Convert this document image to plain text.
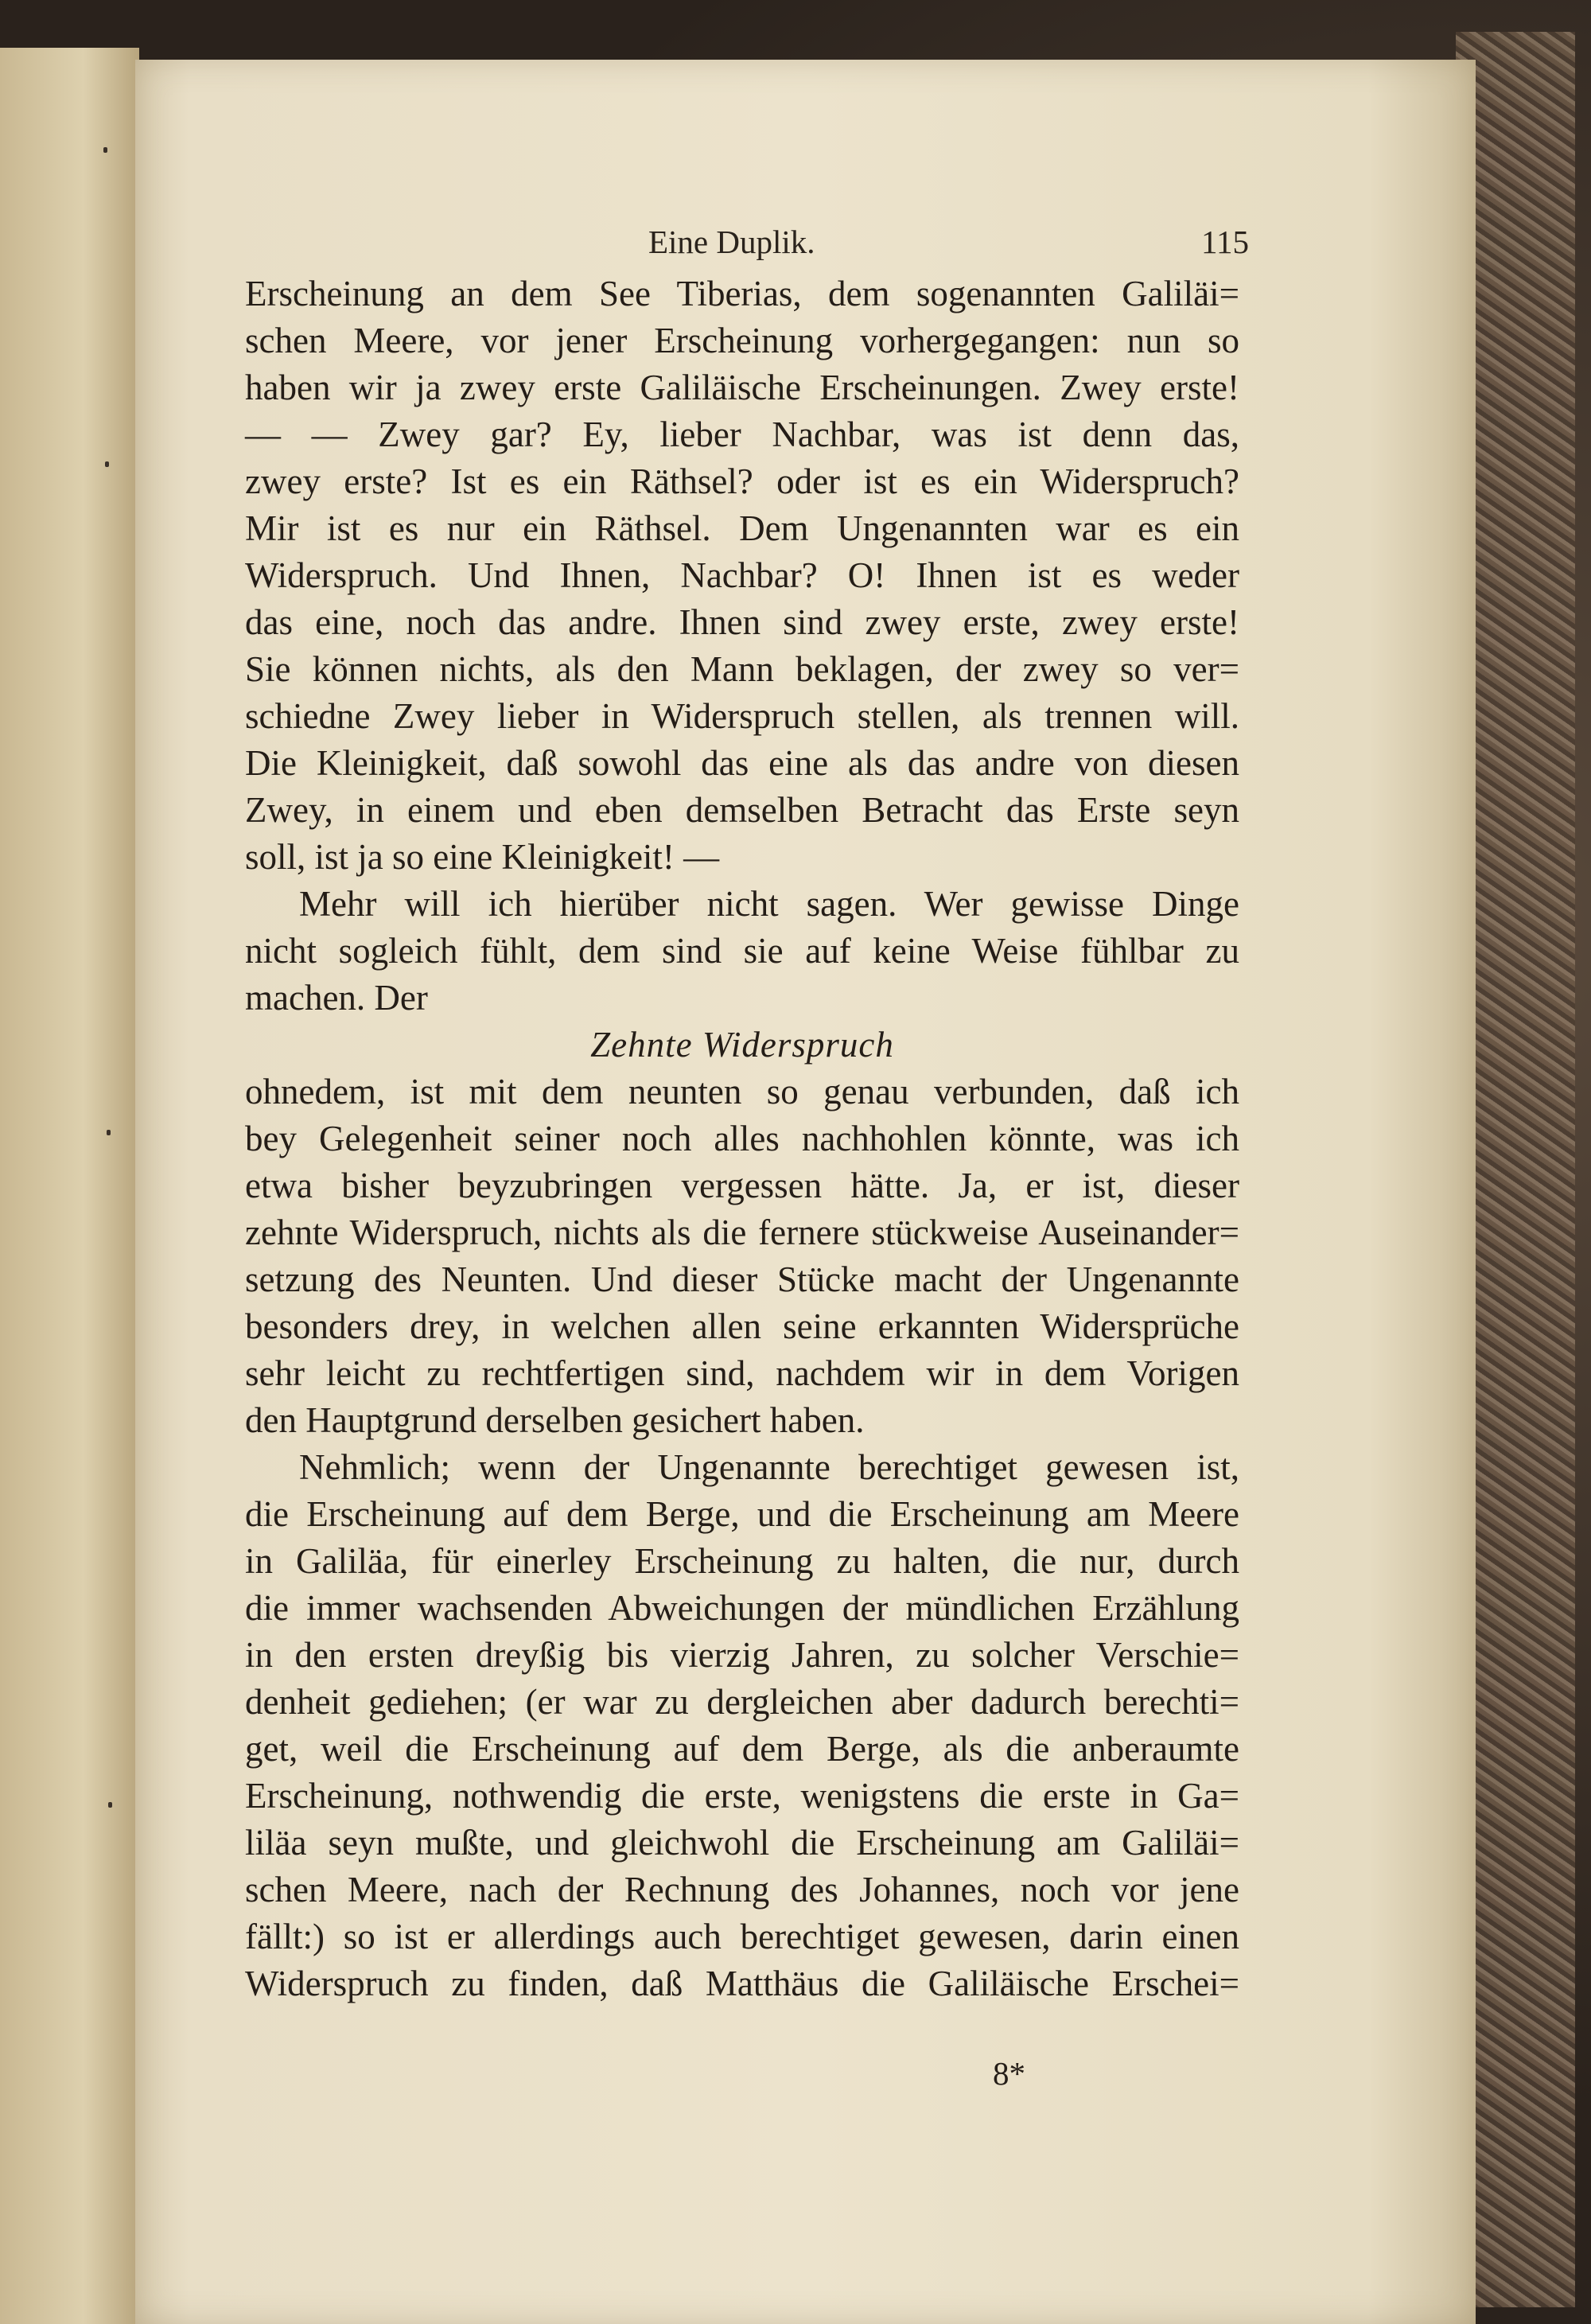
Eine Duplik.	115
Erscheinung an dem See Tiberias, dem sogenannten Galiläi=
schen Meere, vor jener Erscheinung vorhergegangen: nun so
haben wir ja zwey erste Galiläische Erscheinungen. Zwey erste!
— — Zwey gar? Ey, lieber Nachbar, was ist denn das,
zwey erste? Ist es ein Räthsel? oder ist es ein Widerspruch?
Mir ist es nur ein Räthsel. Dem Ungenannten war es ein
Widerspruch. Und Ihnen, Nachbar? O! Ihnen ist es weder
das eine, noch das andre. Ihnen sind zwey erste, zwey erste!
Sie können nichts, als den Mann beklagen, der zwey so ver=
schiedne Zwey lieber in Widerspruch stellen, als trennen will.
Die Kleinigkeit, daß sowohl das eine als das andre von diesen
Zwey, in einem und eben demselben Betracht das Erste seyn
soll, ist ja so eine Kleinigkeit! —
Mehr will ich hierüber nicht sagen. Wer gewisse Dinge
nicht sogleich fühlt, dem sind sie auf keine Weise fühlbar zu
machen. Der
Zehnte Widerspruch
ohnedem, ist mit dem neunten so genau verbunden, daß ich
bey Gelegenheit seiner noch alles nachhohlen könnte, was ich
etwa bisher beyzubringen vergessen hätte. Ja, er ist, dieser
zehnte Widerspruch, nichts als die fernere stückweise Auseinander=
setzung des Neunten. Und dieser Stücke macht der Ungenannte
besonders drey, in welchen allen seine erkannten Widersprüche
sehr leicht zu rechtfertigen sind, nachdem wir in dem Vorigen
den Hauptgrund derselben gesichert haben.
Nehmlich; wenn der Ungenannte berechtiget gewesen ist,
die Erscheinung auf dem Berge, und die Erscheinung am Meere
in Galiläa, für einerley Erscheinung zu halten, die nur, durch
die immer wachsenden Abweichungen der mündlichen Erzählung
in den ersten dreyßig bis vierzig Jahren, zu solcher Verschie=
denheit gediehen; (er war zu dergleichen aber dadurch berechti=
get, weil die Erscheinung auf dem Berge, als die anberaumte
Erscheinung, nothwendig die erste, wenigstens die erste in Ga=
liläa seyn mußte, und gleichwohl die Erscheinung am Galiläi=
schen Meere, nach der Rechnung des Johannes, noch vor jene
fällt:) so ist er allerdings auch berechtiget gewesen, darin einen
Widerspruch zu finden, daß Matthäus die Galiläische Erschei=
8*
